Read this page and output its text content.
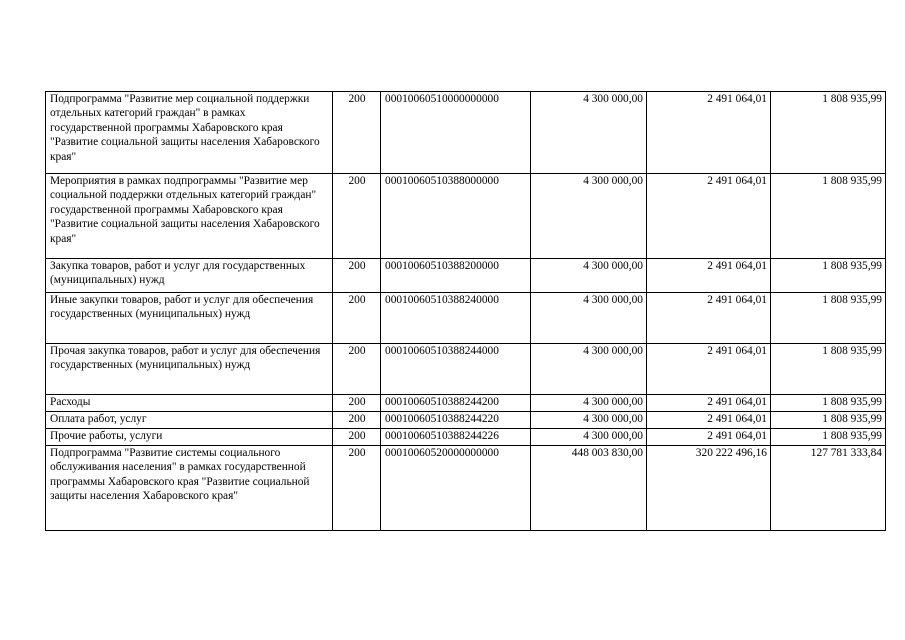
Подпрограмма "Развитие мер социальной поддержки отдельных категорий граждан" в рамках государственной программы Хабаровского края "Развитие социальной защиты населения Хабаровского края"	200	00010060510000000000	4 300 000,00	2 491 064,01	1 808 935,99
Мероприятия в рамках подпрограммы "Развитие мер социальной поддержки отдельных категорий граждан" государственной программы Хабаровского края "Развитие социальной защиты населения Хабаровского края"	200	00010060510388000000	4 300 000,00	2 491 064,01	1 808 935,99
Закупка товаров, работ и услуг для государственных (муниципальных) нужд	200	00010060510388200000	4 300 000,00	2 491 064,01	1 808 935,99
Иные закупки товаров, работ и услуг для обеспечения государственных (муниципальных) нужд	200	00010060510388240000	4 300 000,00	2 491 064,01	1 808 935,99
Прочая закупка товаров, работ и услуг для обеспечения государственных (муниципальных) нужд	200	00010060510388244000	4 300 000,00	2 491 064,01	1 808 935,99
Расходы	200	00010060510388244200	4 300 000,00	2 491 064,01	1 808 935,99
Оплата работ, услуг	200	00010060510388244220	4 300 000,00	2 491 064,01	1 808 935,99
Прочие работы, услуги	200	00010060510388244226	4 300 000,00	2 491 064,01	1 808 935,99
Подпрограмма "Развитие системы социального обслуживания населения" в рамках государственной программы Хабаровского края "Развитие социальной защиты населения Хабаровского края"	200	00010060520000000000	448 003 830,00	320 222 496,16	127 781 333,84
